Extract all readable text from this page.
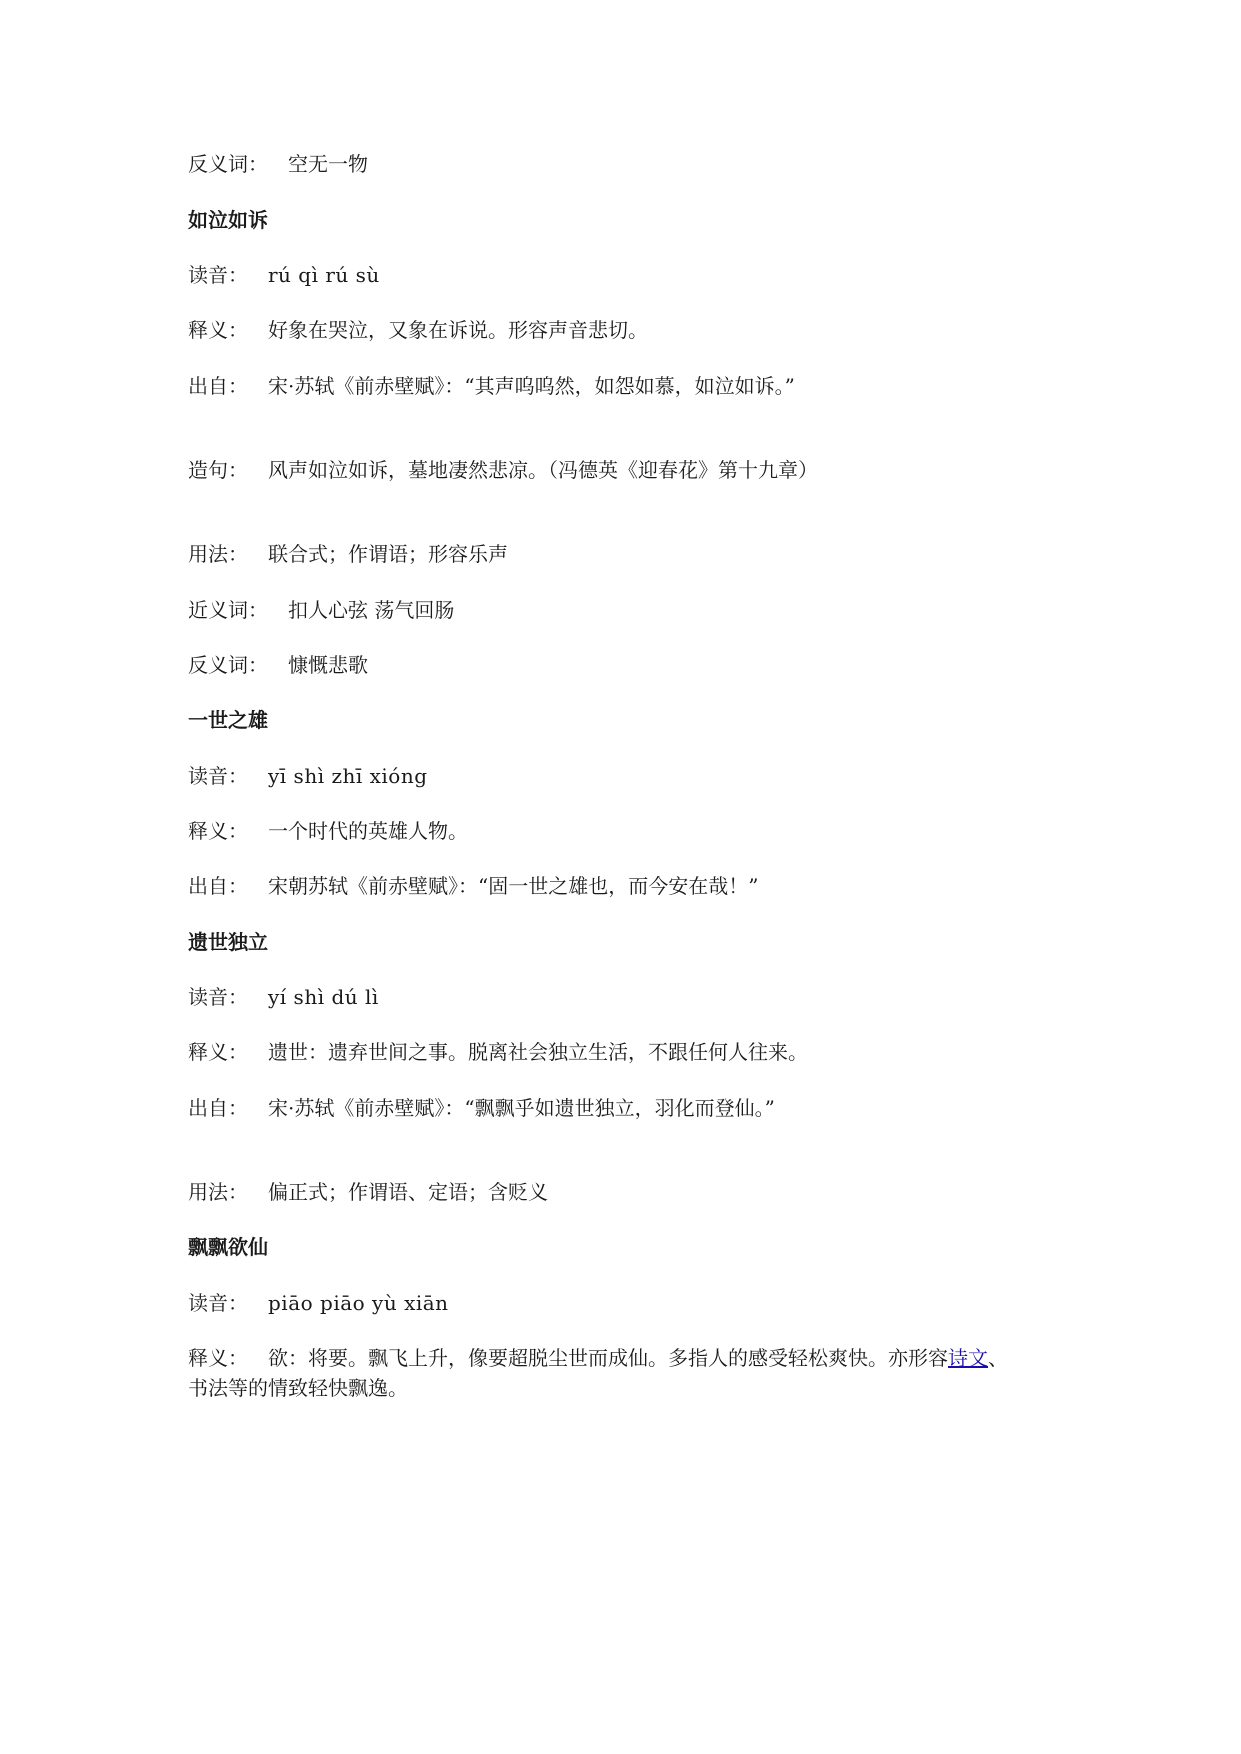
反义词： 空无一物
如泣如诉
读音： rú qì rú sù
释义： 好象在哭泣，又象在诉说。形容声音悲切。
出自： 宋·苏轼《前赤壁赋》：“其声呜呜然，如怨如慕，如泣如诉。”
造句： 风声如泣如诉，墓地凄然悲凉。（冯德英《迎春花》第十九章）
用法： 联合式；作谓语；形容乐声
近义词： 扣人心弦 荡气回肠
反义词： 慷慨悲歌
一世之雄
读音： yī shì zhī xióng
释义： 一个时代的英雄人物。
出自： 宋朝苏轼《前赤壁赋》：“固一世之雄也，而今安在哉！”
遗世独立
读音： yí shì dú lì
释义： 遗世：遗弃世间之事。脱离社会独立生活，不跟任何人往来。
出自： 宋·苏轼《前赤壁赋》：“飘飘乎如遗世独立，羽化而登仙。”
用法： 偏正式；作谓语、定语；含贬义
飘飘欲仙
读音： piāo piāo yù xiān
释义： 欲：将要。飘飞上升，像要超脱尘世而成仙。多指人的感受轻松爽快。亦形容诗文、
书法等的情致轻快飘逸。
